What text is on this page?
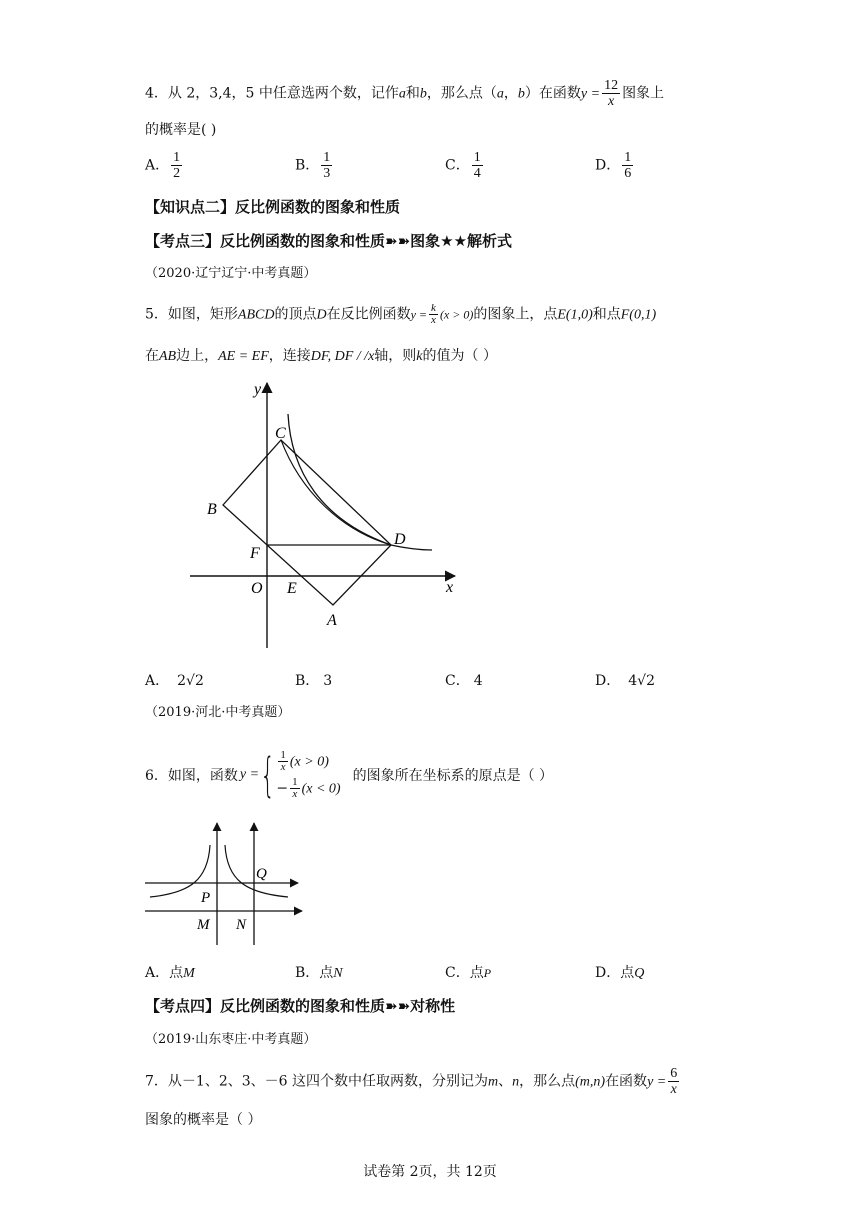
4．从 2，3,4，5 中任意选两个数，记作a和b，那么点（a，b）在函数$y = \frac{12}{x}$ 图象上
的概率是( )
A． $\frac{1}{2}$	B． $\frac{1}{3}$	C． $\frac{1}{4}$	D． $\frac{1}{6}$
【知识点二】反比例函数的图象和性质
【考点三】反比例函数的图象和性质➽➽图象★★解析式
（2020·辽宁辽宁·中考真题）
5．如图，矩形ABCD的顶点D在反比例函数$y = \frac{k}{x} (x > 0)$的图象上，点E(1,0)和点F(0,1)
在AB边上，AE = EF，连接DF, DF / /x轴，则k的值为（ ）
y
x
C
B
D
F
O E
A
A． 2√2	B． 3	C． 4	D． 4√2
（2019·河北·中考真题）
6．如图，函数 y = { $\frac{1}{x} (x > 0)$
− $\frac{1}{x} (x < 0)$
的图象所在坐标系的原点是（ ）
P
Q
M N
A．点M	B．点N	C．点P	D．点Q
【考点四】反比例函数的图象和性质➽➽对称性
（2019·山东枣庄·中考真题）
7．从－1、2、3、－6 这四个数中任取两数，分别记为m、n，那么点(m,n)在函数$y = \frac{6}{x}$
图象的概率是（ ）
试卷第 2页，共 12页
